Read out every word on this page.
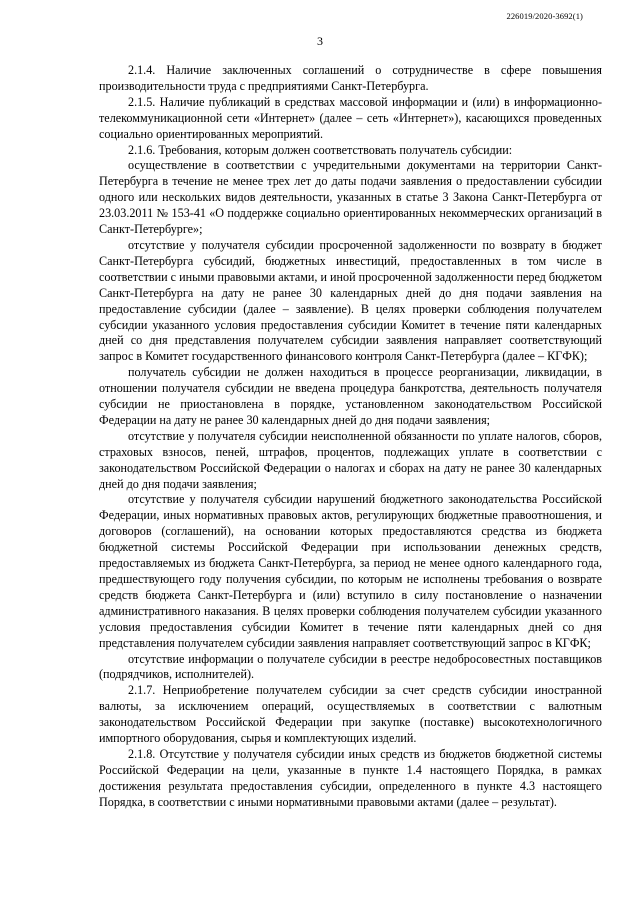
226019/2020-3692(1)
3

2.1.4. Наличие заключенных соглашений о сотрудничестве в сфере повышения производительности труда с предприятиями Санкт-Петербурга.

2.1.5. Наличие публикаций в средствах массовой информации и (или) в информационно-телекоммуникационной сети «Интернет» (далее – сеть «Интернет»), касающихся проведенных социально ориентированных мероприятий.

2.1.6. Требования, которым должен соответствовать получатель субсидии:

осуществление в соответствии с учредительными документами на территории Санкт-Петербурга в течение не менее трех лет до даты подачи заявления о предоставлении субсидии одного или нескольких видов деятельности, указанных в статье 3 Закона Санкт-Петербурга от 23.03.2011 № 153-41 «О поддержке социально ориентированных некоммерческих организаций в Санкт-Петербурге»;

отсутствие у получателя субсидии просроченной задолженности по возврату в бюджет Санкт-Петербурга субсидий, бюджетных инвестиций, предоставленных в том числе в соответствии с иными правовыми актами, и иной просроченной задолженности перед бюджетом Санкт-Петербурга на дату не ранее 30 календарных дней до дня подачи заявления на предоставление субсидии (далее – заявление). В целях проверки соблюдения получателем субсидии указанного условия предоставления субсидии Комитет в течение пяти календарных дней со дня представления получателем субсидии заявления направляет соответствующий запрос в Комитет государственного финансового контроля Санкт-Петербурга (далее – КГФК);

получатель субсидии не должен находиться в процессе реорганизации, ликвидации, в отношении получателя субсидии не введена процедура банкротства, деятельность получателя субсидии не приостановлена в порядке, установленном законодательством Российской Федерации на дату не ранее 30 календарных дней до дня подачи заявления;

отсутствие у получателя субсидии неисполненной обязанности по уплате налогов, сборов, страховых взносов, пеней, штрафов, процентов, подлежащих уплате в соответствии с законодательством Российской Федерации о налогах и сборах на дату не ранее 30 календарных дней до дня подачи заявления;

отсутствие у получателя субсидии нарушений бюджетного законодательства Российской Федерации, иных нормативных правовых актов, регулирующих бюджетные правоотношения, и договоров (соглашений), на основании которых предоставляются средства из бюджета бюджетной системы Российской Федерации при использовании денежных средств, предоставляемых из бюджета Санкт-Петербурга, за период не менее одного календарного года, предшествующего году получения субсидии, по которым не исполнены требования о возврате средств бюджета Санкт-Петербурга и (или) вступило в силу постановление о назначении административного наказания. В целях проверки соблюдения получателем субсидии указанного условия предоставления субсидии Комитет в течение пяти календарных дней со дня представления получателем субсидии заявления направляет соответствующий запрос в КГФК;

отсутствие информации о получателе субсидии в реестре недобросовестных поставщиков (подрядчиков, исполнителей).

2.1.7. Неприобретение получателем субсидии за счет средств субсидии иностранной валюты, за исключением операций, осуществляемых в соответствии с валютным законодательством Российской Федерации при закупке (поставке) высокотехнологичного импортного оборудования, сырья и комплектующих изделий.

2.1.8. Отсутствие у получателя субсидии иных средств из бюджетов бюджетной системы Российской Федерации на цели, указанные в пункте 1.4 настоящего Порядка, в рамках достижения результата предоставления субсидии, определенного в пункте 4.3 настоящего Порядка, в соответствии с иными нормативными правовыми актами (далее – результат).
